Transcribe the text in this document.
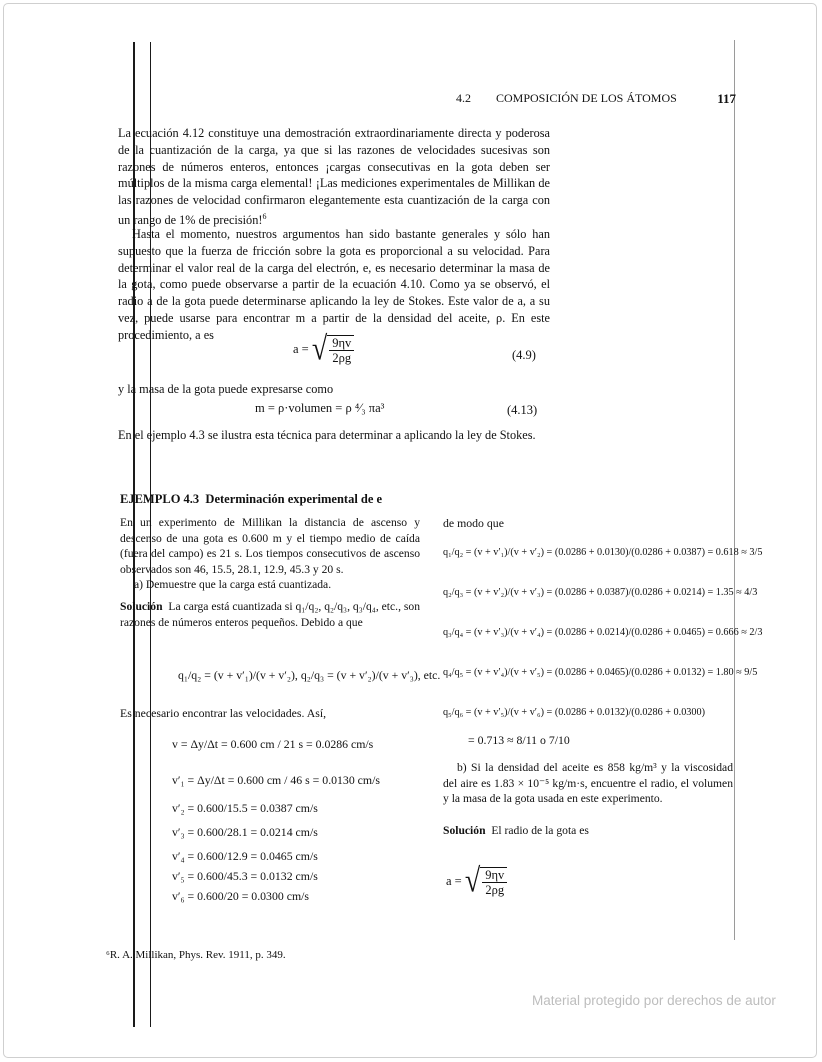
4.2 COMPOSICIÓN DE LOS ÁTOMOS	117

La ecuación 4.12 constituye una demostración extraordinariamente directa y poderosa de la cuantización de la carga, ya que si las razones de velocidades sucesivas son razones de números enteros, entonces ¡cargas consecutivas en la gota deben ser múltiplos de la misma carga elemental! ¡Las mediciones experimentales de Millikan de las razones de velocidad confirmaron elegantemente esta cuantización de la carga con un rango de 1% de precisión!$^6$

Hasta el momento, nuestros argumentos han sido bastante generales y sólo han supuesto que la fuerza de fricción sobre la gota es proporcional a su velocidad. Para determinar el valor real de la carga del electrón, e, es necesario determinar la masa de la gota, como puede observarse a partir de la ecuación 4.10. Como ya se observó, el radio a de la gota puede determinarse aplicando la ley de Stokes. Este valor de a, a su vez, puede usarse para encontrar m a partir de la densidad del aceite, ρ. En este procedimiento, a es

a = √ $\frac{9\eta v}{2\rho g}$	(4.9)

y la masa de la gota puede expresarse como

m = ρ·volumen = ρ ⁴⁄₃ πa³	(4.13)

En el ejemplo 4.3 se ilustra esta técnica para determinar a aplicando la ley de Stokes.

EJEMPLO 4.3 Determinación experimental de e

En un experimento de Millikan la distancia de ascenso y descenso de una gota es 0.600 m y el tiempo medio de caída (fuera del campo) es 21 s. Los tiempos consecutivos de ascenso observados son 46, 15.5, 28.1, 12.9, 45.3 y 20 s.

a) Demuestre que la carga está cuantizada.

Solución La carga está cuantizada si q₁/q₂, q₂/q₃, q₃/q₄, etc., son razones de números enteros pequeños. Debido a que

q₁/q₂ = (v + v′₁)/(v + v′₂), q₂/q₃ = (v + v′₂)/(v + v′₃), etc.
Es necesario encontrar las velocidades. Así,
v = Δy/Δt = 0.600 cm / 21 s = 0.0286 cm/s
v′₁ = Δy/Δt = 0.600 cm / 46 s = 0.0130 cm/s
v′₂ = 0.600/15.5 = 0.0387 cm/s
v′₃ = 0.600/28.1 = 0.0214 cm/s
v′₄ = 0.600/12.9 = 0.0465 cm/s
v′₅ = 0.600/45.3 = 0.0132 cm/s
v′₆ = 0.600/20 = 0.0300 cm/s
de modo que
q₁/q₂ = (v + v′₁)/(v + v′₂) = (0.0286 + 0.0130)/(0.0286 + 0.0387) = 0.618 ≈ 3/5
q₂/q₃ = (v + v′₂)/(v + v′₃) = (0.0286 + 0.0387)/(0.0286 + 0.0214) = 1.35 ≈ 4/3
q₃/q₄ = (v + v′₃)/(v + v′₄) = (0.0286 + 0.0214)/(0.0286 + 0.0465) = 0.666 ≈ 2/3
q₄/q₅ = (v + v′₄)/(v + v′₅) = (0.0286 + 0.0465)/(0.0286 + 0.0132) = 1.80 ≈ 9/5
q₅/q₆ = (v + v′₅)/(v + v′₆) = (0.0286 + 0.0132)/(0.0286 + 0.0300)
= 0.713 ≈ 8/11 o 7/10

b) Si la densidad del aceite es 858 kg/m³ y la viscosidad del aire es 1.83 × 10⁻⁵ kg/m·s, encuentre el radio, el volumen y la masa de la gota usada en este experimento.

Solución El radio de la gota es

a = √ $\frac{9\eta v}{2\rho g}$
⁶R. A. Millikan, Phys. Rev. 1911, p. 349.
Material protegido por derechos de autor
